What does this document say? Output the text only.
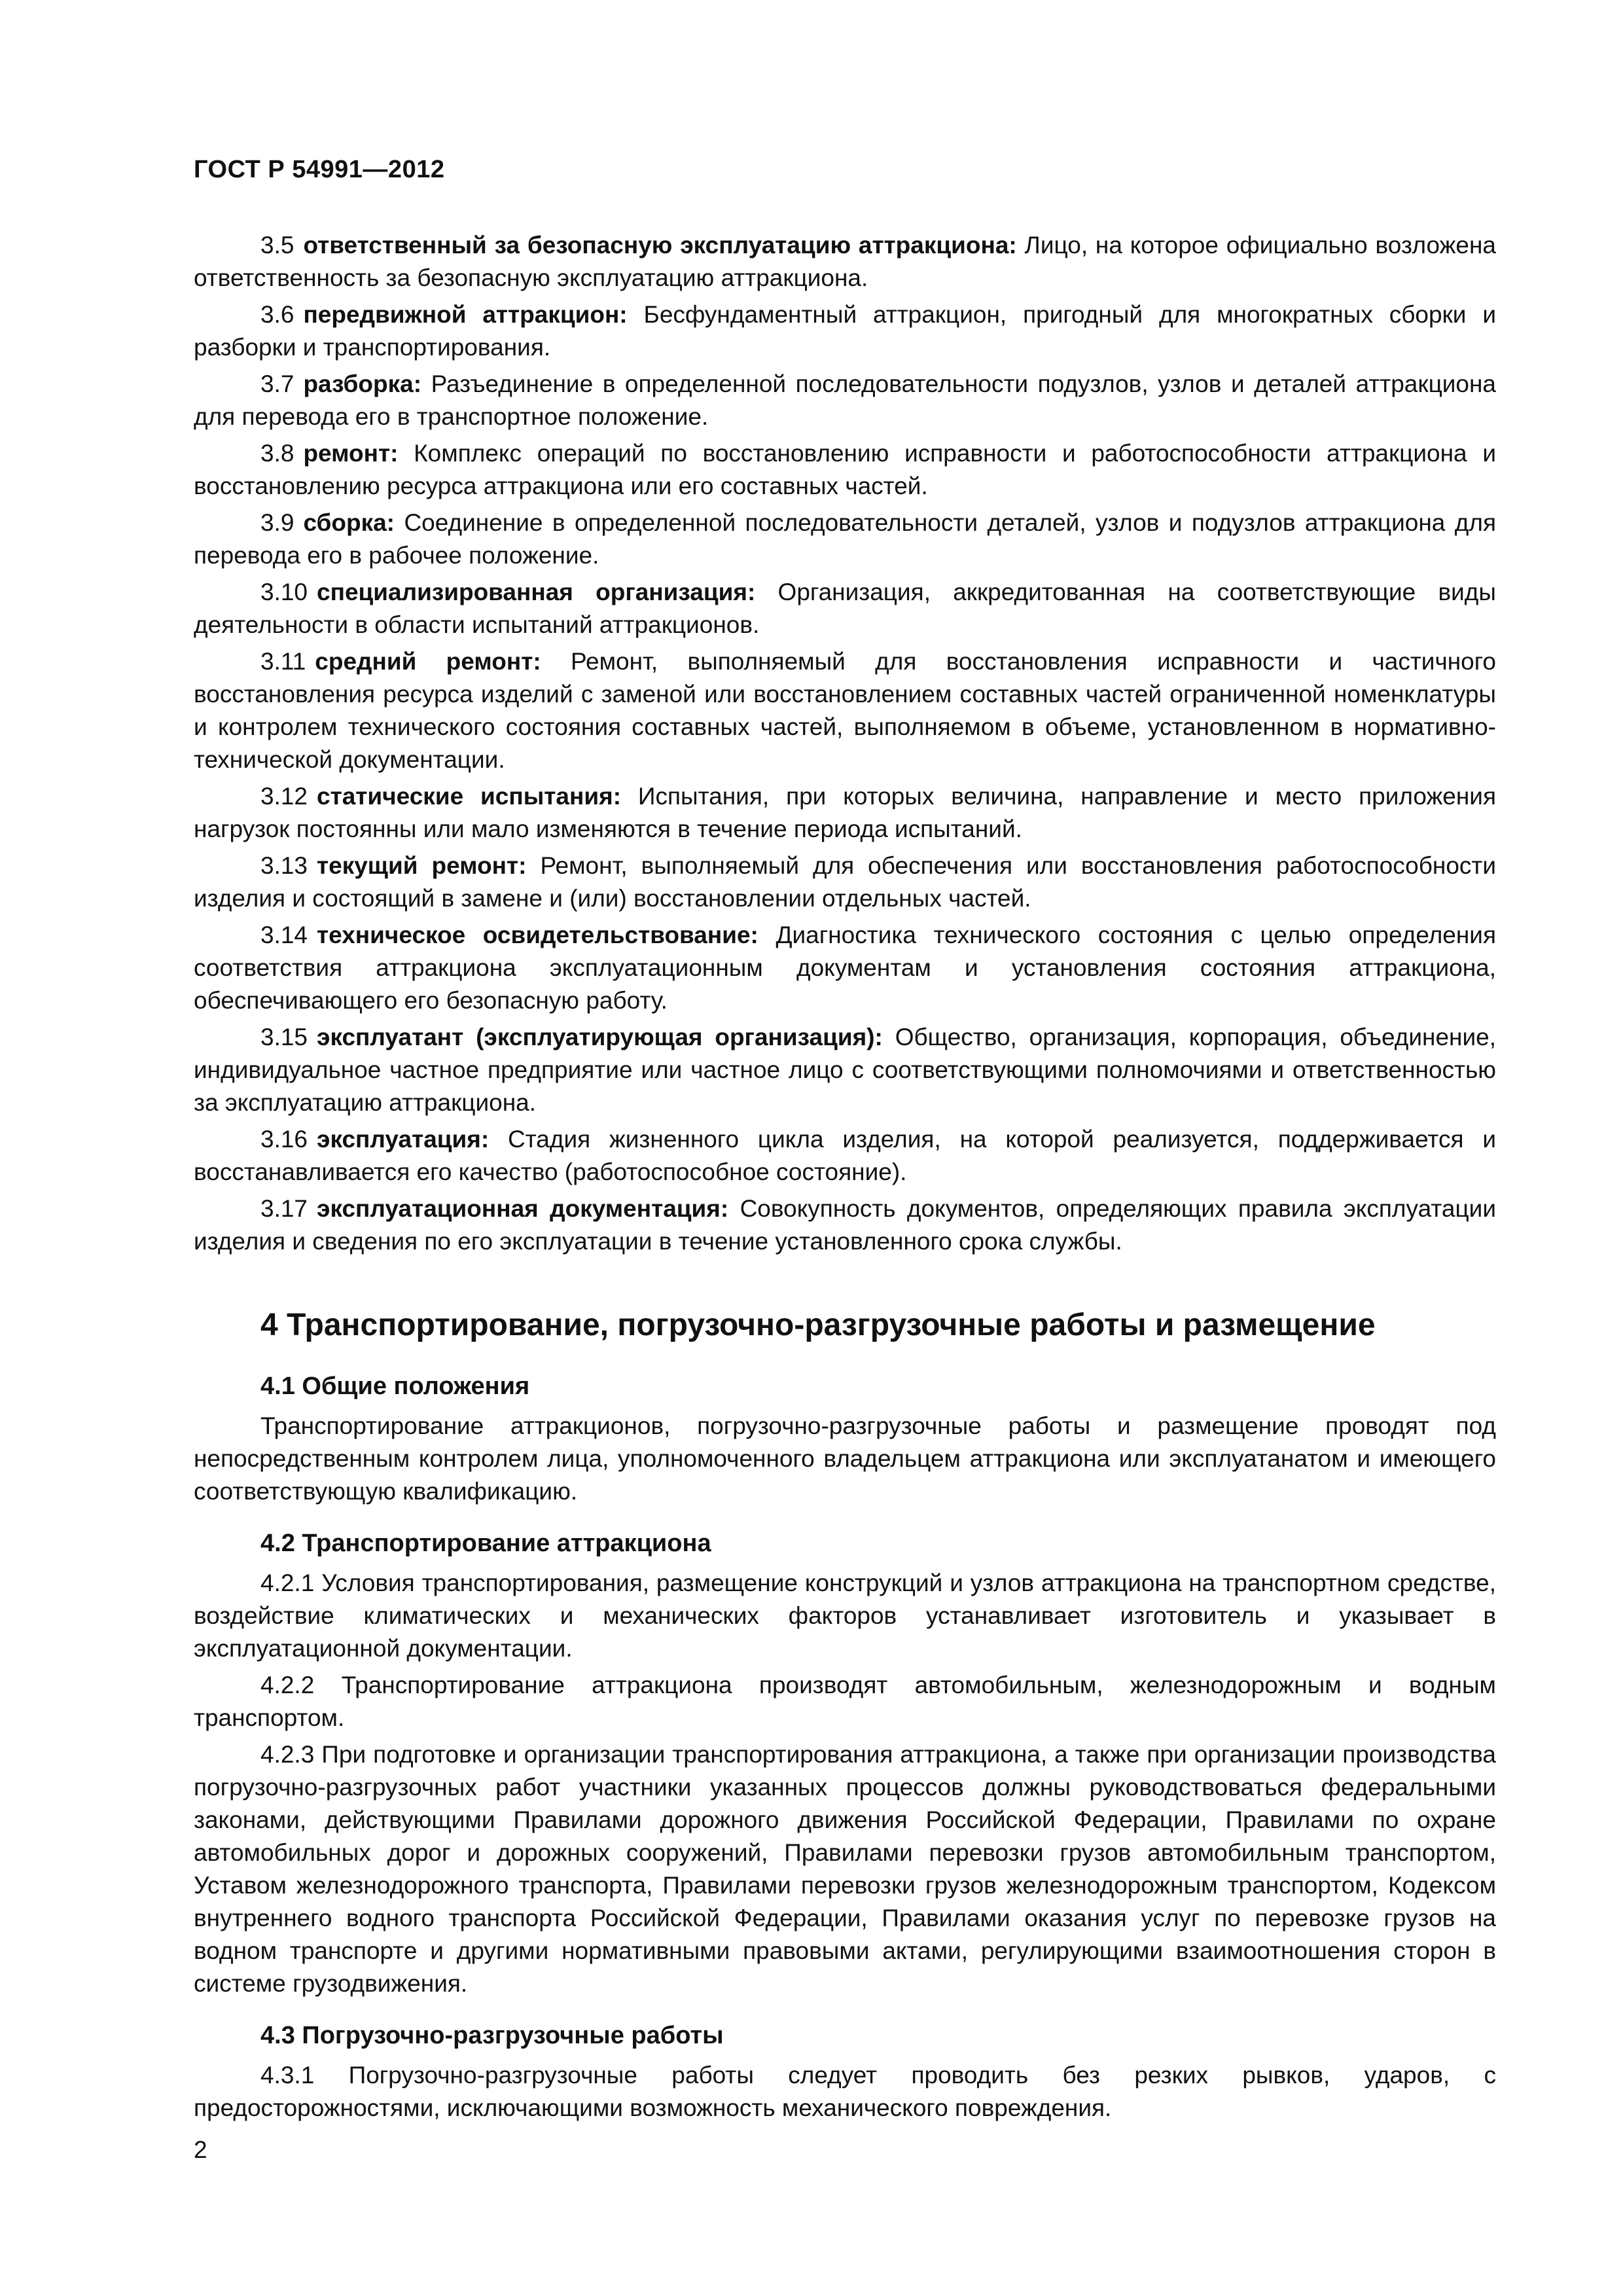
ГОСТ Р 54991—2012

3.5 ответственный за безопасную эксплуатацию аттракциона: Лицо, на которое официально возложена ответственность за безопасную эксплуатацию аттракциона.

3.6 передвижной аттракцион: Бесфундаментный аттракцион, пригодный для многократных сборки и разборки и транспортирования.

3.7 разборка: Разъединение в определенной последовательности подузлов, узлов и деталей аттракциона для перевода его в транспортное положение.

3.8 ремонт: Комплекс операций по восстановлению исправности и работоспособности аттракциона и восстановлению ресурса аттракциона или его составных частей.

3.9 сборка: Соединение в определенной последовательности деталей, узлов и подузлов аттракциона для перевода его в рабочее положение.

3.10 специализированная организация: Организация, аккредитованная на соответствующие виды деятельности в области испытаний аттракционов.

3.11 средний ремонт: Ремонт, выполняемый для восстановления исправности и частичного восстановления ресурса изделий с заменой или восстановлением составных частей ограниченной номенклатуры и контролем технического состояния составных частей, выполняемом в объеме, установленном в нормативно-технической документации.

3.12 статические испытания: Испытания, при которых величина, направление и место приложения нагрузок постоянны или мало изменяются в течение периода испытаний.

3.13 текущий ремонт: Ремонт, выполняемый для обеспечения или восстановления работоспособности изделия и состоящий в замене и (или) восстановлении отдельных частей.

3.14 техническое освидетельствование: Диагностика технического состояния с целью определения соответствия аттракциона эксплуатационным документам и установления состояния аттракциона, обеспечивающего его безопасную работу.

3.15 эксплуатант (эксплуатирующая организация): Общество, организация, корпорация, объединение, индивидуальное частное предприятие или частное лицо с соответствующими полномочиями и ответственностью за эксплуатацию аттракциона.

3.16 эксплуатация: Стадия жизненного цикла изделия, на которой реализуется, поддерживается и восстанавливается его качество (работоспособное состояние).

3.17 эксплуатационная документация: Совокупность документов, определяющих правила эксплуатации изделия и сведения по его эксплуатации в течение установленного срока службы.

4 Транспортирование, погрузочно-разгрузочные работы и размещение
4.1 Общие положения

Транспортирование аттракционов, погрузочно-разгрузочные работы и размещение проводят под непосредственным контролем лица, уполномоченного владельцем аттракциона или эксплуатанатом и имеющего соответствующую квалификацию.

4.2 Транспортирование аттракциона

4.2.1 Условия транспортирования, размещение конструкций и узлов аттракциона на транспортном средстве, воздействие климатических и механических факторов устанавливает изготовитель и указывает в эксплуатационной документации.

4.2.2 Транспортирование аттракциона производят автомобильным, железнодорожным и водным транспортом.

4.2.3 При подготовке и организации транспортирования аттракциона, а также при организации производства погрузочно-разгрузочных работ участники указанных процессов должны руководствоваться федеральными законами, действующими Правилами дорожного движения Российской Федерации, Правилами по охране автомобильных дорог и дорожных сооружений, Правилами перевозки грузов автомобильным транспортом, Уставом железнодорожного транспорта, Правилами перевозки грузов железнодорожным транспортом, Кодексом внутреннего водного транспорта Российской Федерации, Правилами оказания услуг по перевозке грузов на водном транспорте и другими нормативными правовыми актами, регулирующими взаимоотношения сторон в системе грузодвижения.

4.3 Погрузочно-разгрузочные работы

4.3.1 Погрузочно-разгрузочные работы следует проводить без резких рывков, ударов, с предосторожностями, исключающими возможность механического повреждения.

2
